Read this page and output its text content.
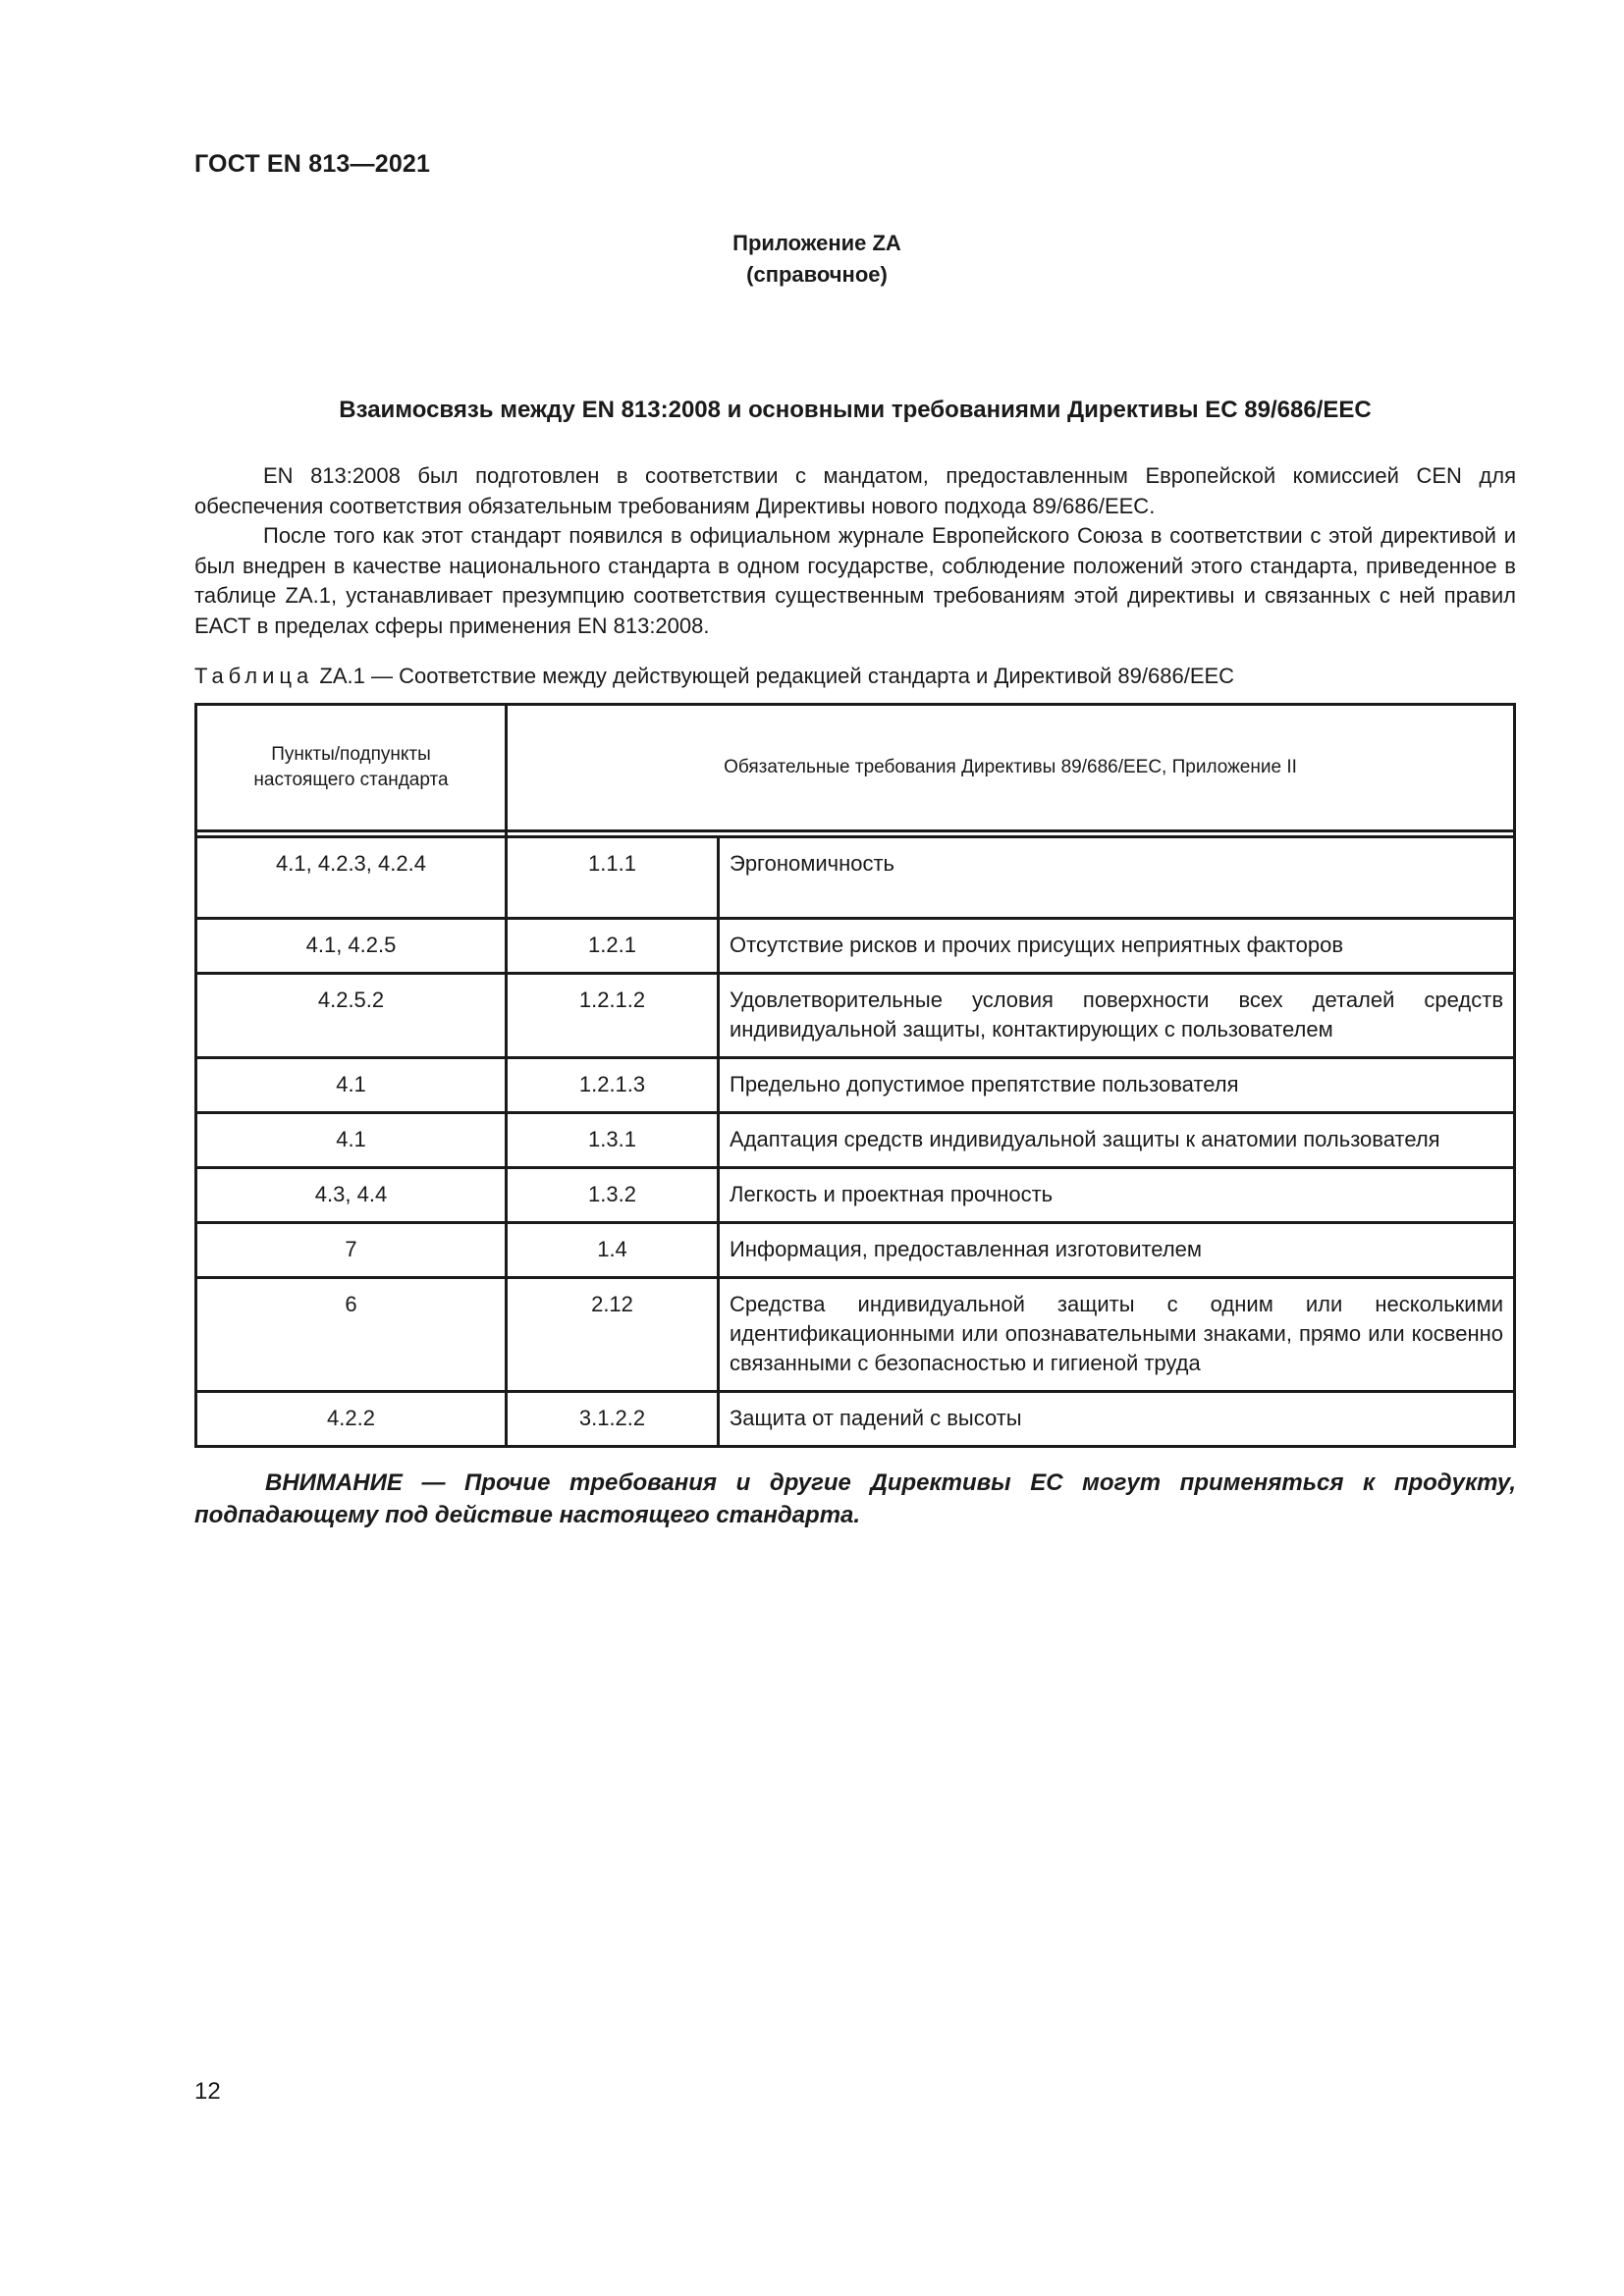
ГОСТ EN 813—2021
Приложение ZA
(справочное)
Взаимосвязь между EN 813:2008 и основными требованиями Директивы ЕС 89/686/EEC

EN 813:2008 был подготовлен в соответствии с мандатом, предоставленным Европейской комиссией CEN для обеспечения соответствия обязательным требованиям Директивы нового подхода 89/686/EEC.

После того как этот стандарт появился в официальном журнале Европейского Союза в соответствии с этой директивой и был внедрен в качестве национального стандарта в одном государстве, соблюдение положений этого стандарта, приведенное в таблице ZA.1, устанавливает презумпцию соответствия существенным требованиям этой директивы и связанных с ней правил ЕАСТ в пределах сферы применения EN 813:2008.

Таблица ZA.1 — Соответствие между действующей редакцией стандарта и Директивой 89/686/EEC
Пункты/подпункты настоящего стандарта	Обязательные требования Директивы 89/686/EEC, Приложение II	

4.1, 4.2.3, 4.2.4	1.1.1	Эргономичность

4.1, 4.2.5	1.2.1	Отсутствие рисков и прочих присущих неприятных факторов

4.2.5.2	1.2.1.2	Удовлетворительные условия поверхности всех деталей средств индивидуальной защиты, контактирующих с пользователем

4.1	1.2.1.3	Предельно допустимое препятствие пользователя

4.1	1.3.1	Адаптация средств индивидуальной защиты к анатомии пользователя

4.3, 4.4	1.3.2	Легкость и проектная прочность

7	1.4	Информация, предоставленная изготовителем

6	2.12	Средства индивидуальной защиты с одним или несколькими идентификационными или опознавательными знаками, прямо или косвенно связанными с безопасностью и гигиеной труда

4.2.2	3.1.2.2	Защита от падений с высоты

ВНИМАНИЕ — Прочие требования и другие Директивы ЕС могут применяться к продукту, подпадающему под действие настоящего стандарта.

12
